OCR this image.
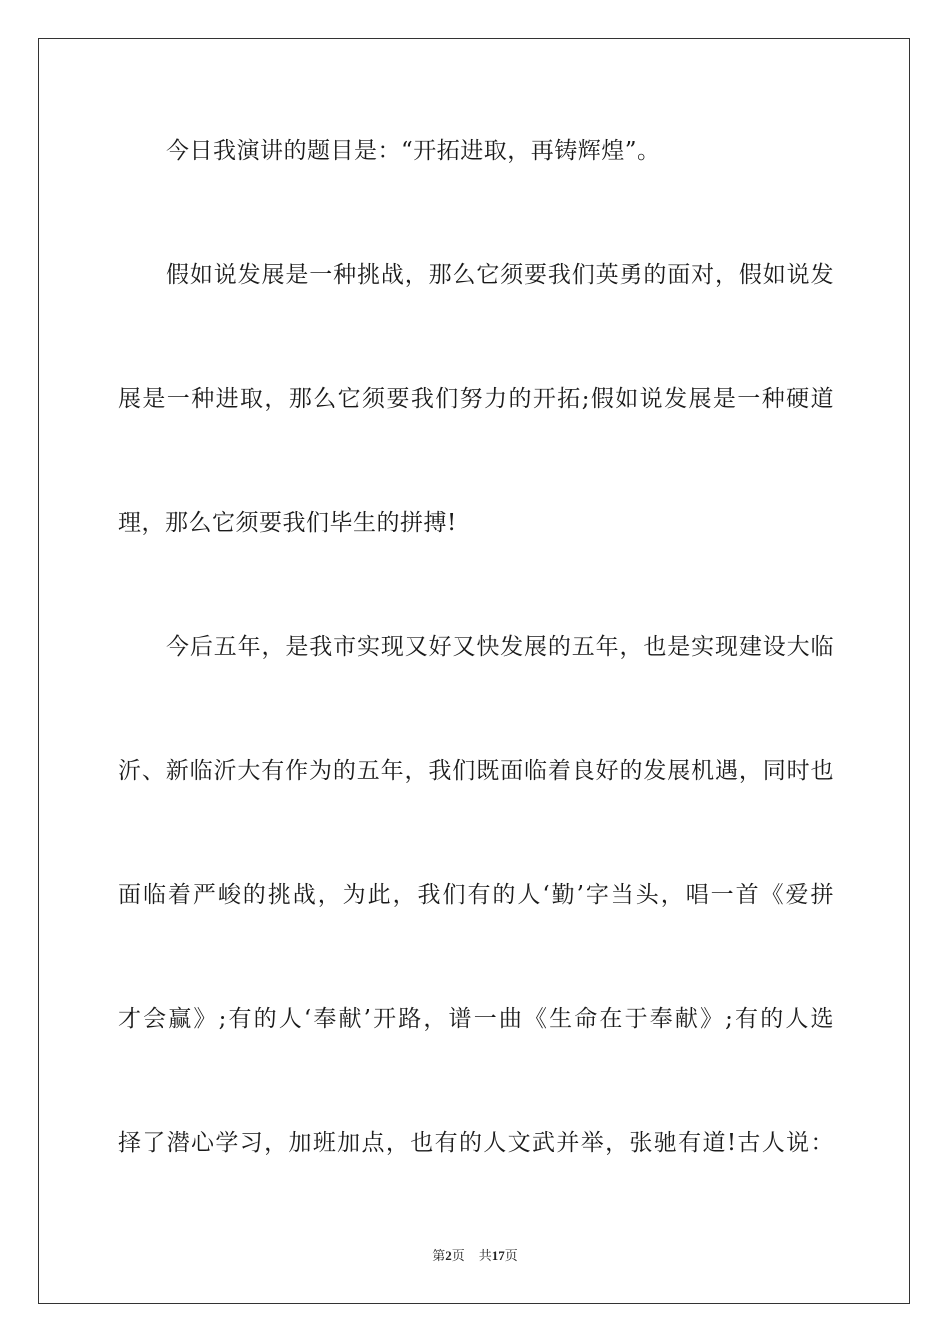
今日我演讲的题目是：“开拓进取，再铸辉煌”。
假如说发展是一种挑战，那么它须要我们英勇的面对，假如说发
展是一种进取，那么它须要我们努力的开拓;假如说发展是一种硬道
理，那么它须要我们毕生的拼搏!
今后五年，是我市实现又好又快发展的五年，也是实现建设大临
沂、新临沂大有作为的五年，我们既面临着良好的发展机遇，同时也
面临着严峻的挑战，为此，我们有的人‘勤’字当头，唱一首《爱拼
才会赢》;有的人‘奉献’开路，谱一曲《生命在于奉献》;有的人选
择了潜心学习，加班加点，也有的人文武并举，张驰有道!古人说：
第2页 共17页
